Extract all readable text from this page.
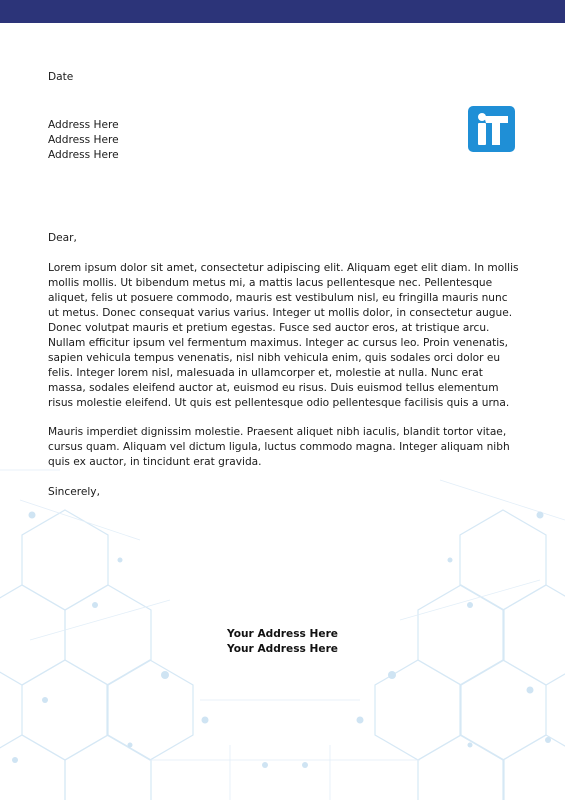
Date
Address Here
Address Here
Address Here
Dear,

Lorem ipsum dolor sit amet, consectetur adipiscing elit. Aliquam eget elit diam. In mollis mollis mollis. Ut bibendum metus mi, a mattis lacus pellentesque nec. Pellentesque aliquet, felis ut posuere commodo, mauris est vestibulum nisl, eu fringilla mauris nunc ut metus. Donec consequat varius varius. Integer ut mollis dolor, in consectetur augue. Donec volutpat mauris et pretium egestas. Fusce sed auctor eros, at tristique arcu. Nullam efficitur ipsum vel fermentum maximus. Integer ac cursus leo. Proin venenatis, sapien vehicula tempus venenatis, nisl nibh vehicula enim, quis sodales orci dolor eu felis. Integer lorem nisl, malesuada in ullamcorper et, molestie at nulla. Nunc erat massa, sodales eleifend auctor at, euismod eu risus. Duis euismod tellus elementum risus molestie eleifend. Ut quis est pellentesque odio pellentesque facilisis quis a urna.

Mauris imperdiet dignissim molestie. Praesent aliquet nibh iaculis, blandit tortor vitae, cursus quam. Aliquam vel dictum ligula, luctus commodo magna. Integer aliquam nibh quis ex auctor, in tincidunt erat gravida.

Sincerely,
Your Address Here
Your Address Here
